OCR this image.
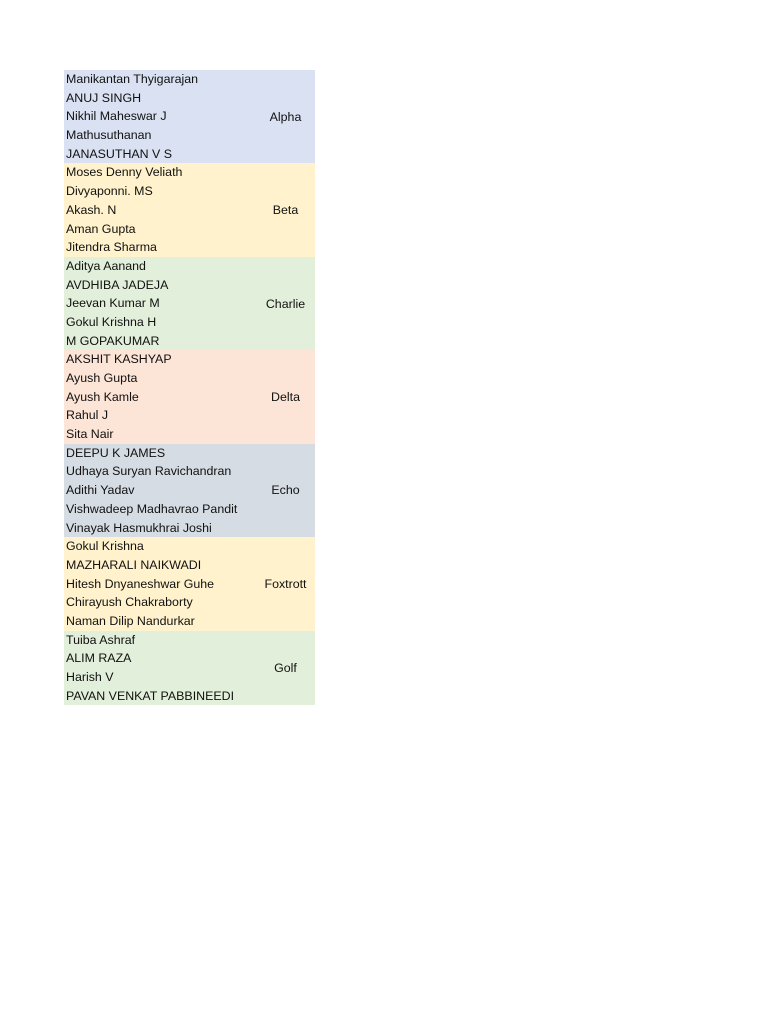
Manikantan Thyigarajan
ANUJ SINGH
Nikhil Maheswar J
Mathusuthanan
JANASUTHAN V S
Alpha
Moses Denny Veliath
Divyaponni. MS
Akash. N
Aman Gupta
Jitendra Sharma
Beta
Aditya Aanand
AVDHIBA JADEJA
Jeevan Kumar M
Gokul Krishna H
M GOPAKUMAR
Charlie
AKSHIT KASHYAP
Ayush Gupta
Ayush Kamle
Rahul J
Sita Nair
Delta
DEEPU K JAMES
Udhaya Suryan Ravichandran
Adithi Yadav
Vishwadeep Madhavrao Pandit
Vinayak Hasmukhrai Joshi
Echo
Gokul Krishna
MAZHARALI NAIKWADI
Hitesh Dnyaneshwar Guhe
Chirayush Chakraborty
Naman Dilip Nandurkar
Foxtrott
Tuiba Ashraf
ALIM RAZA
Harish V
PAVAN VENKAT PABBINEEDI
Golf
